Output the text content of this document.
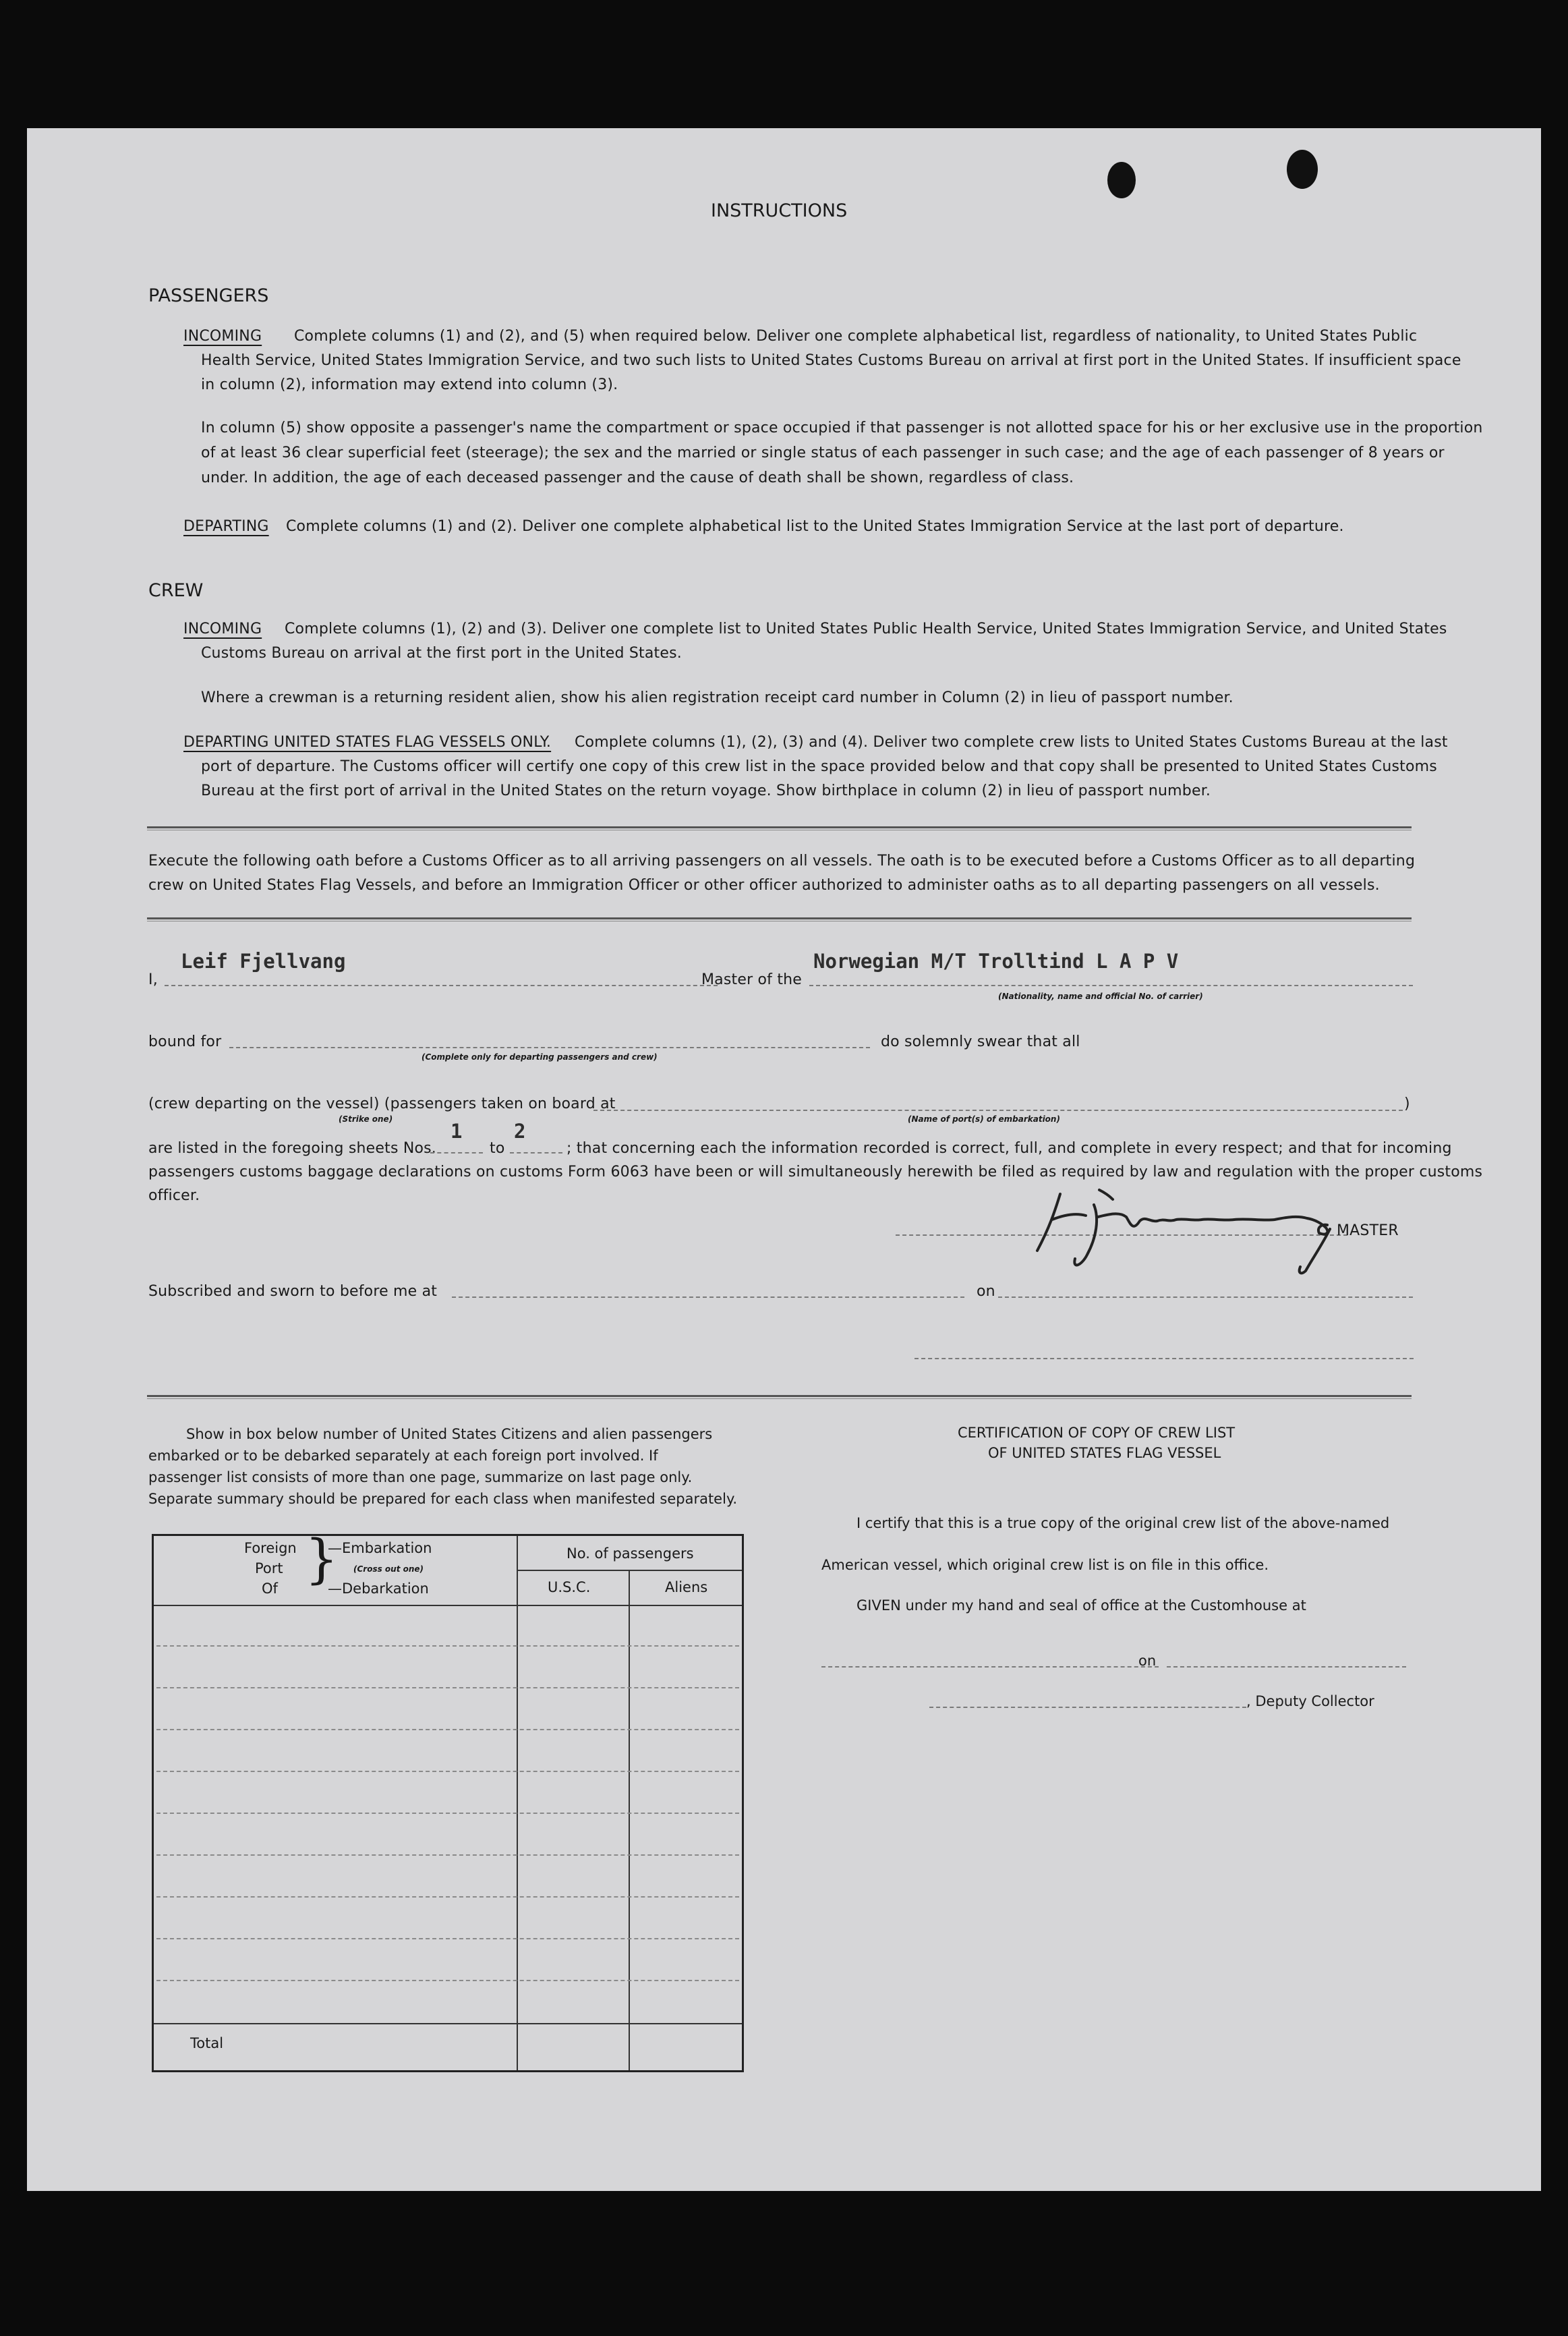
INSTRUCTIONS
PASSENGERS
INCOMING Complete columns (1) and (2), and (5) when required below. Deliver one complete alphabetical list, regardless of nationality, to United States Public
Health Service, United States Immigration Service, and two such lists to United States Customs Bureau on arrival at first port in the United States. If insufficient space
in column (2), information may extend into column (3).
In column (5) show opposite a passenger's name the compartment or space occupied if that passenger is not allotted space for his or her exclusive use in the proportion
of at least 36 clear superficial feet (steerage); the sex and the married or single status of each passenger in such case; and the age of each passenger of 8 years or
under. In addition, the age of each deceased passenger and the cause of death shall be shown, regardless of class.
DEPARTING Complete columns (1) and (2). Deliver one complete alphabetical list to the United States Immigration Service at the last port of departure.
CREW
INCOMING Complete columns (1), (2) and (3). Deliver one complete list to United States Public Health Service, United States Immigration Service, and United States
Customs Bureau on arrival at the first port in the United States.
Where a crewman is a returning resident alien, show his alien registration receipt card number in Column (2) in lieu of passport number.
DEPARTING UNITED STATES FLAG VESSELS ONLY. Complete columns (1), (2), (3) and (4). Deliver two complete crew lists to United States Customs Bureau at the last
port of departure. The Customs officer will certify one copy of this crew list in the space provided below and that copy shall be presented to United States Customs
Bureau at the first port of arrival in the United States on the return voyage. Show birthplace in column (2) in lieu of passport number.
Execute the following oath before a Customs Officer as to all arriving passengers on all vessels. The oath is to be executed before a Customs Officer as to all departing
crew on United States Flag Vessels, and before an Immigration Officer or other officer authorized to administer oaths as to all departing passengers on all vessels.
I,
Leif Fjellvang
Master of the
Norwegian M/T Trolltind L A P V
(Nationality, name and official No. of carrier)
bound for
(Complete only for departing passengers and crew)
do solemnly swear that all
(crew departing on the vessel) (passengers taken on board at	)
(Strike one)	(Name of port(s) of embarkation)
are listed in the foregoing sheets Nos.
1
to
2
; that concerning each the information recorded is correct, full, and complete in every respect; and that for incoming
passengers customs baggage declarations on customs Form 6063 have been or will simultaneously herewith be filed as required by law and regulation with the proper customs
officer.
MASTER
Subscribed and sworn to before me at	on
Show in box below number of United States Citizens and alien passengers
embarked or to be debarked separately at each foreign port involved. If
passenger list consists of more than one page, summarize on last page only.
Separate summary should be prepared for each class when manifested separately.
Foreign
Port
Of }
—Embarkation
(Cross out one)
—Debarkation
No. of passengers
U.S.C.	Aliens
Total
CERTIFICATION OF COPY OF CREW LIST
OF UNITED STATES FLAG VESSEL
I certify that this is a true copy of the original crew list of the above-named
American vessel, which original crew list is on file in this office.
GIVEN under my hand and seal of office at the Customhouse at
on
, Deputy Collector
